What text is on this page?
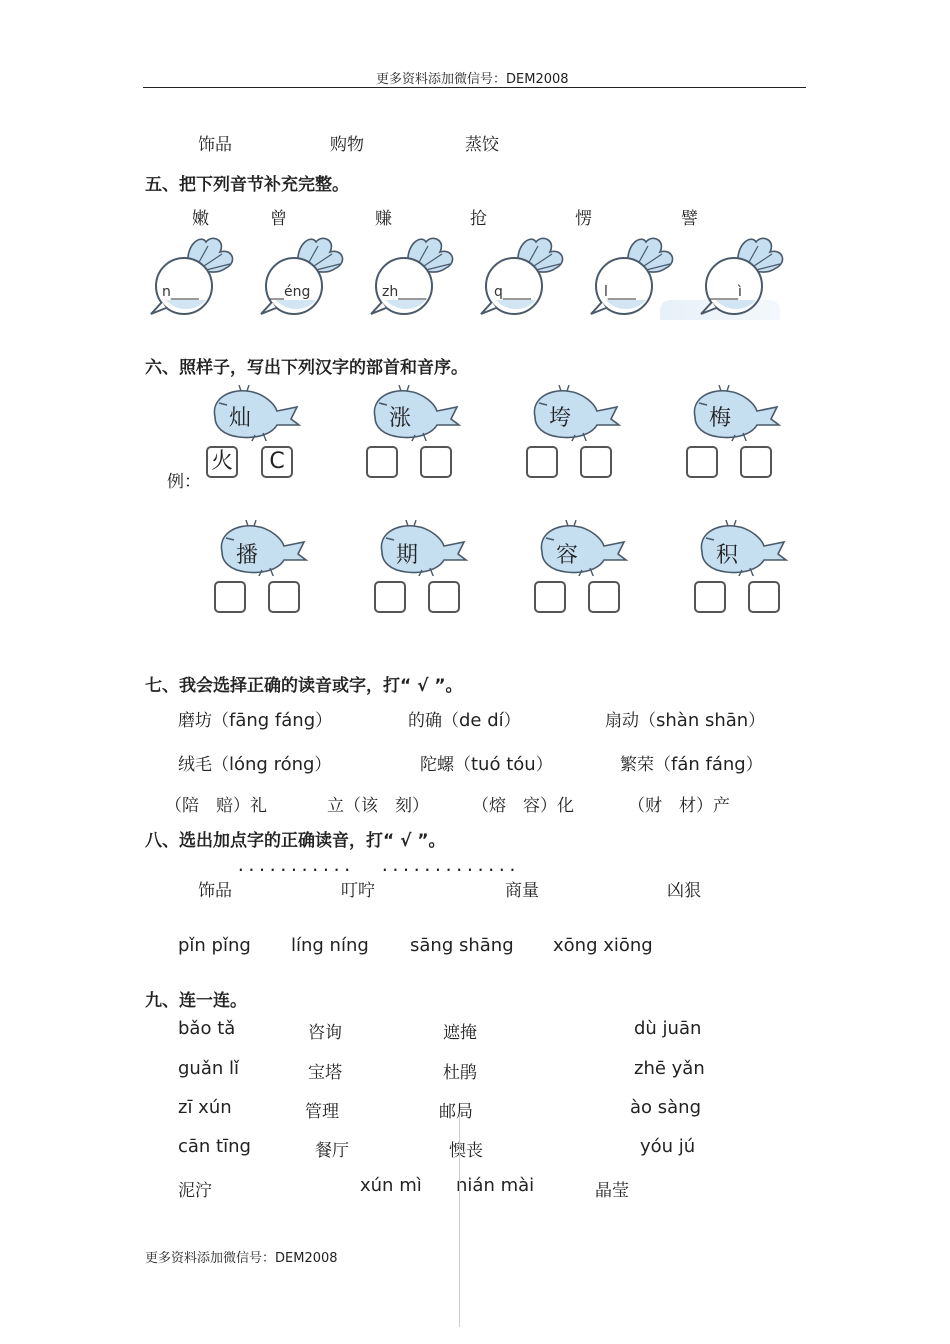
更多资料添加微信号：DEM2008
饰品	购物	蒸饺
五、把下列音节补充完整。
嫩	曾	赚	抢	愣	譬
n____	__éng	zh____	q____	l____	____ì
六、照样子，写出下列汉字的部首和音序。
例：
灿
火	C
涨	垮	梅
播	期	容	积
七、我会选择正确的读音或字，打“ √ ”。
磨坊（fāng fáng）	的确（de dí）	扇动（shàn shān）
绒毛（lóng róng）	陀螺（tuó tóu）	繁荣（fán fáng）
（陪　赔）礼	立（该　刻）	（熔　容）化	（财　材）产
八、选出加点字的正确读音，打“ √ ”。
........... .............
饰品	叮咛	商量	凶狠
pǐn pǐng líng níng sāng shāng xōng xiōng
九、连一连。
bǎo tǎ	咨询	遮掩	dù juān
guǎn lǐ	宝塔	杜鹃	zhē yǎn
zī xún	管理	邮局	ào sàng
cān tīng	餐厅	懊丧	yóu jú
泥泞	xún mì nián mài	晶莹
更多资料添加微信号：DEM2008
